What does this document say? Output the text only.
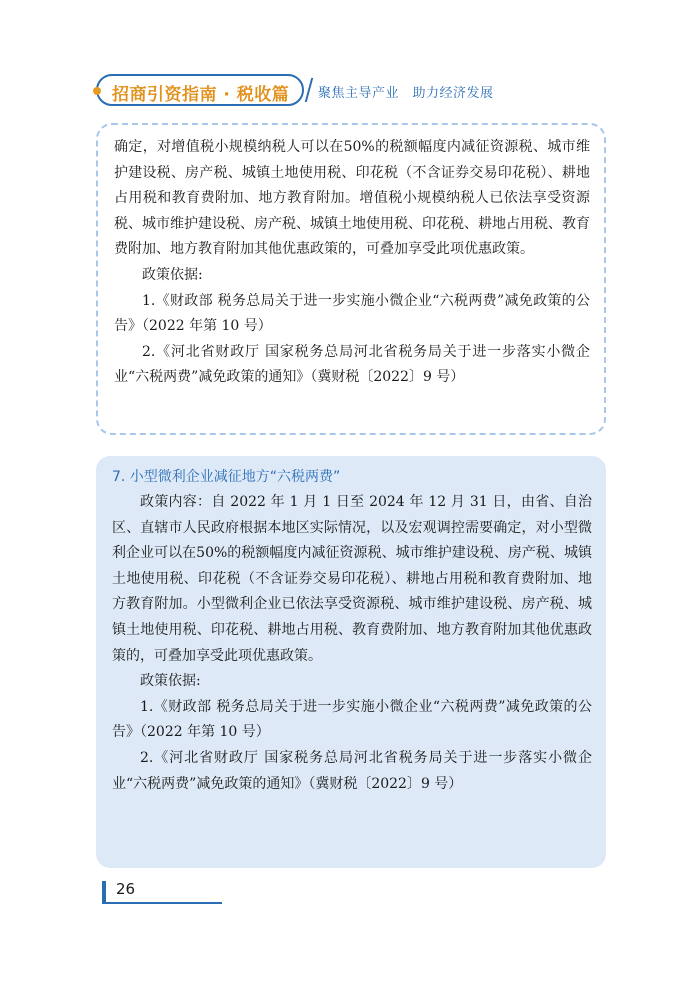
招商引资指南 · 税收篇 聚焦主导产业　助力经济发展

确定，对增值税小规模纳税人可以在50%的税额幅度内减征资源税、城市维护建设税、房产税、城镇土地使用税、印花税（不含证券交易印花税）、耕地占用税和教育费附加、地方教育附加。增值税小规模纳税人已依法享受资源税、城市维护建设税、房产税、城镇土地使用税、印花税、耕地占用税、教育费附加、地方教育附加其他优惠政策的，可叠加享受此项优惠政策。

政策依据:

1.《财政部 税务总局关于进一步实施小微企业“六税两费”减免政策的公告》（2022 年第 10 号）

2.《河北省财政厅 国家税务总局河北省税务局关于进一步落实小微企业“六税两费”减免政策的通知》（冀财税〔2022〕9 号）

7. 小型微利企业减征地方“六税两费”

政策内容：自 2022 年 1 月 1 日至 2024 年 12 月 31 日，由省、自治区、直辖市人民政府根据本地区实际情况，以及宏观调控需要确定，对小型微利企业可以在50%的税额幅度内减征资源税、城市维护建设税、房产税、城镇土地使用税、印花税（不含证券交易印花税）、耕地占用税和教育费附加、地方教育附加。小型微利企业已依法享受资源税、城市维护建设税、房产税、城镇土地使用税、印花税、耕地占用税、教育费附加、地方教育附加其他优惠政策的，可叠加享受此项优惠政策。

政策依据:

1.《财政部 税务总局关于进一步实施小微企业“六税两费”减免政策的公告》（2022 年第 10 号）

2.《河北省财政厅 国家税务总局河北省税务局关于进一步落实小微企业“六税两费”减免政策的通知》（冀财税〔2022〕9 号）

26
